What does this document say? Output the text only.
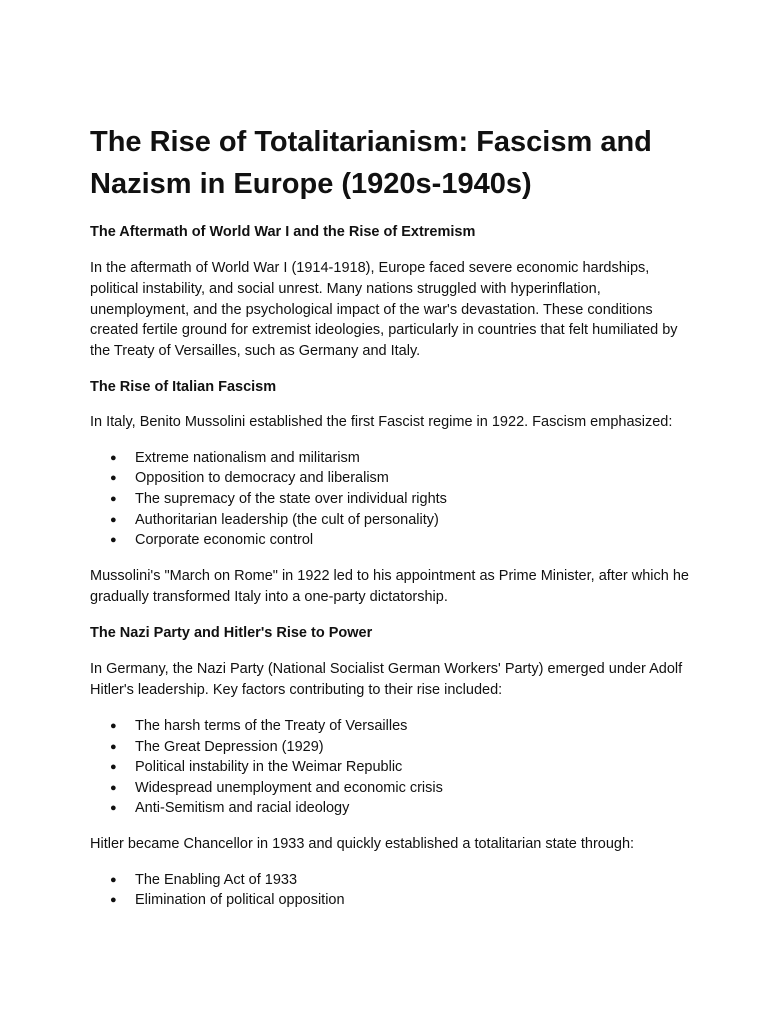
The Rise of Totalitarianism: Fascism and Nazism in Europe (1920s-1940s)
The Aftermath of World War I and the Rise of Extremism

In the aftermath of World War I (1914-1918), Europe faced severe economic hardships, political instability, and social unrest. Many nations struggled with hyperinflation, unemployment, and the psychological impact of the war's devastation. These conditions created fertile ground for extremist ideologies, particularly in countries that felt humiliated by the Treaty of Versailles, such as Germany and Italy.

The Rise of Italian Fascism

In Italy, Benito Mussolini established the first Fascist regime in 1922. Fascism emphasized:

● Extreme nationalism and militarism
● Opposition to democracy and liberalism
● The supremacy of the state over individual rights
● Authoritarian leadership (the cult of personality)
● Corporate economic control

Mussolini's "March on Rome" in 1922 led to his appointment as Prime Minister, after which he gradually transformed Italy into a one-party dictatorship.

The Nazi Party and Hitler's Rise to Power

In Germany, the Nazi Party (National Socialist German Workers' Party) emerged under Adolf Hitler's leadership. Key factors contributing to their rise included:

● The harsh terms of the Treaty of Versailles
● The Great Depression (1929)
● Political instability in the Weimar Republic
● Widespread unemployment and economic crisis
● Anti-Semitism and racial ideology

Hitler became Chancellor in 1933 and quickly established a totalitarian state through:

● The Enabling Act of 1933
● Elimination of political opposition
